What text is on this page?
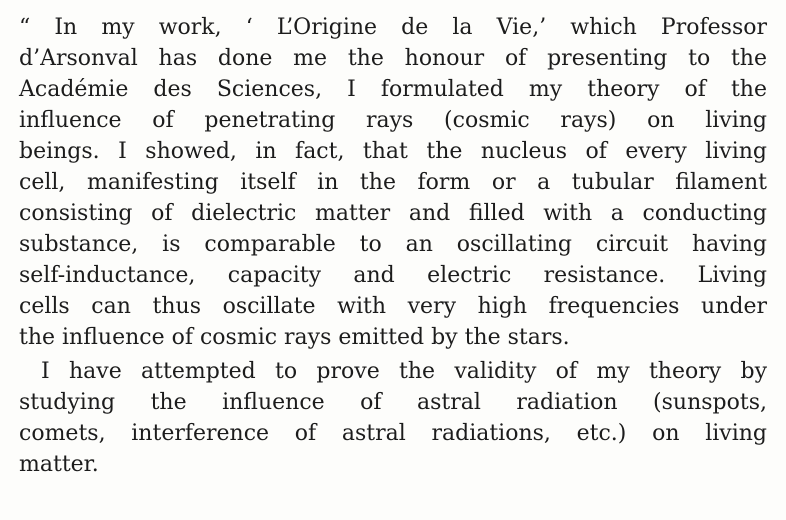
“ In my work, ‘ L’Origine de la Vie,’ which Professor
d’Arsonval has done me the honour of presenting to the
Académie des Sciences, I formulated my theory of the
influence of penetrating rays (cosmic rays) on living
beings. I showed, in fact, that the nucleus of every living
cell, manifesting itself in the form or a tubular filament
consisting of dielectric matter and filled with a conducting
substance, is comparable to an oscillating circuit having
self-inductance, capacity and electric resistance. Living
cells can thus oscillate with very high frequencies under
the influence of cosmic rays emitted by the stars.
I have attempted to prove the validity of my theory by
studying the influence of astral radiation (sunspots,
comets, interference of astral radiations, etc.) on living
matter.
